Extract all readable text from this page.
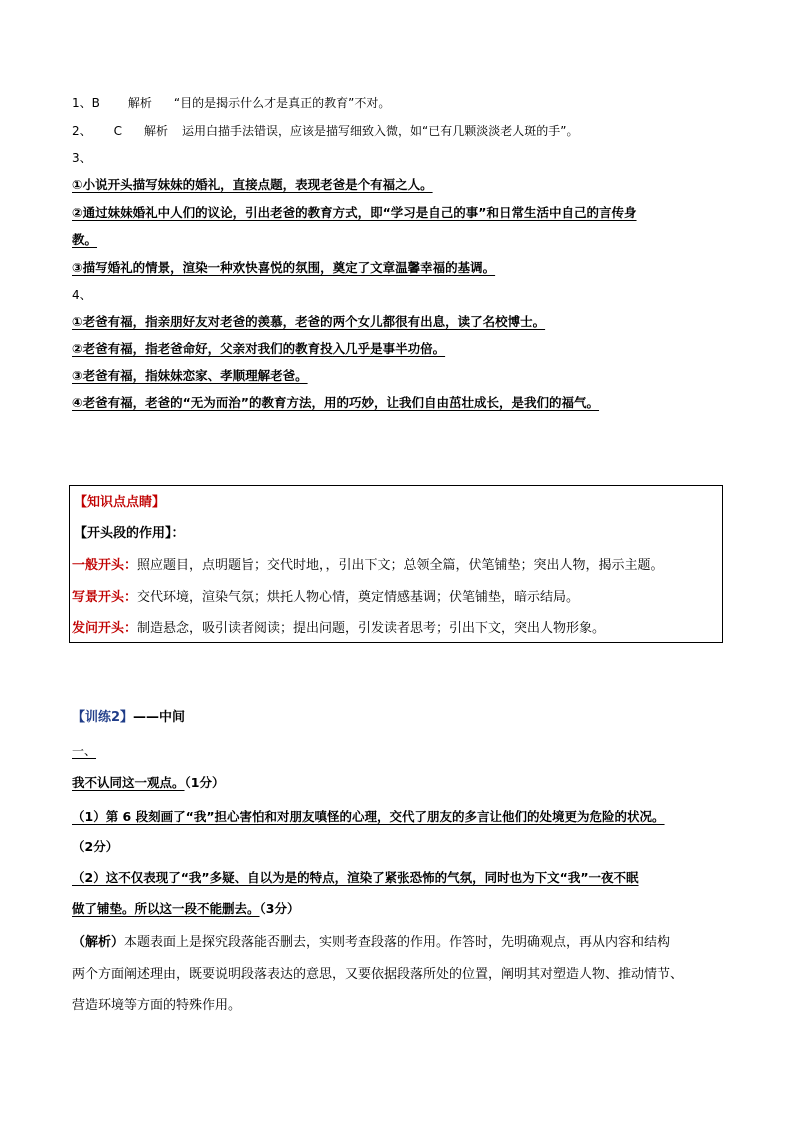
1、B 解析 “目的是揭示什么才是真正的教育”不对。
2、 C 解析 运用白描手法错误，应该是描写细致入微，如“已有几颗淡淡老人斑的手”。
3、
①小说开头描写妹妹的婚礼，直接点题，表现老爸是个有福之人。
②通过妹妹婚礼中人们的议论，引出老爸的教育方式，即“学习是自己的事”和日常生活中自己的言传身
教。
③描写婚礼的情景，渲染一种欢快喜悦的氛围，奠定了文章温馨幸福的基调。
4、
①老爸有福，指亲朋好友对老爸的羡慕，老爸的两个女儿都很有出息，读了名校博士。
②老爸有福，指老爸命好，父亲对我们的教育投入几乎是事半功倍。
③老爸有福，指妹妹恋家、孝顺理解老爸。
④老爸有福，老爸的“无为而治”的教育方法，用的巧妙，让我们自由茁壮成长，是我们的福气。
【知识点点睛】
【开头段的作用】：
一般开头：照应题目，点明题旨；交代时地，，引出下文；总领全篇，伏笔铺垫；突出人物，揭示主题。
写景开头：交代环境，渲染气氛；烘托人物心情，奠定情感基调；伏笔铺垫，暗示结局。
发问开头：制造悬念，吸引读者阅读；提出问题，引发读者思考；引出下文，突出人物形象。
【训练2】——中间
一、
我不认同这一观点。（1分）
（1）第 6 段刻画了“我”担心害怕和对朋友嗔怪的心理，交代了朋友的多言让他们的处境更为危险的状况。
（2分）
（2）这不仅表现了“我”多疑、自以为是的特点，渲染了紧张恐怖的气氛，同时也为下文“我”一夜不眠
做了铺垫。所以这一段不能删去。（3分）
（解析）本题表面上是探究段落能否删去，实则考查段落的作用。作答时，先明确观点，再从内容和结构
两个方面阐述理由，既要说明段落表达的意思，又要依据段落所处的位置，阐明其对塑造人物、推动情节、
营造环境等方面的特殊作用。
